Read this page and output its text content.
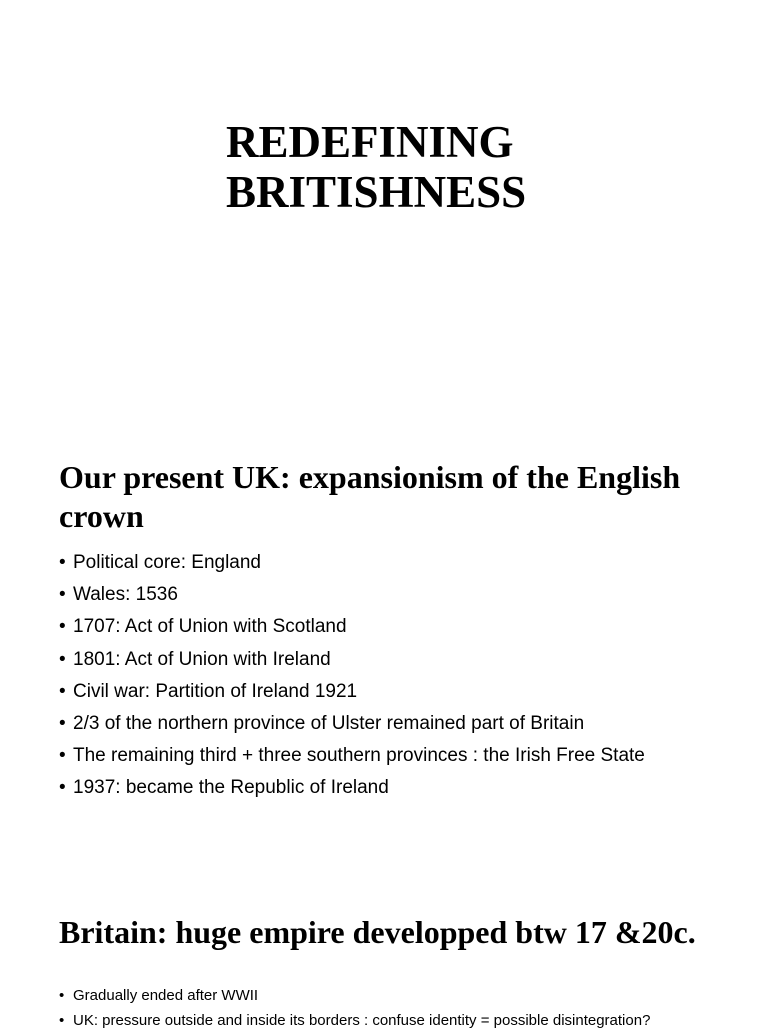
REDEFINING
BRITISHNESS
Our present UK: expansionism of the English crown
• Political core: England
• Wales: 1536
• 1707: Act of Union with Scotland
• 1801: Act of Union with Ireland
• Civil war: Partition of Ireland 1921
• 2/3 of the northern province of Ulster remained part of Britain
• The remaining third + three southern provinces : the Irish Free State
• 1937: became the Republic of Ireland
Britain: huge empire developped btw 17 &20c.
• Gradually ended after WWII
• UK: pressure outside and inside its borders : confuse identity = possible disintegration?
